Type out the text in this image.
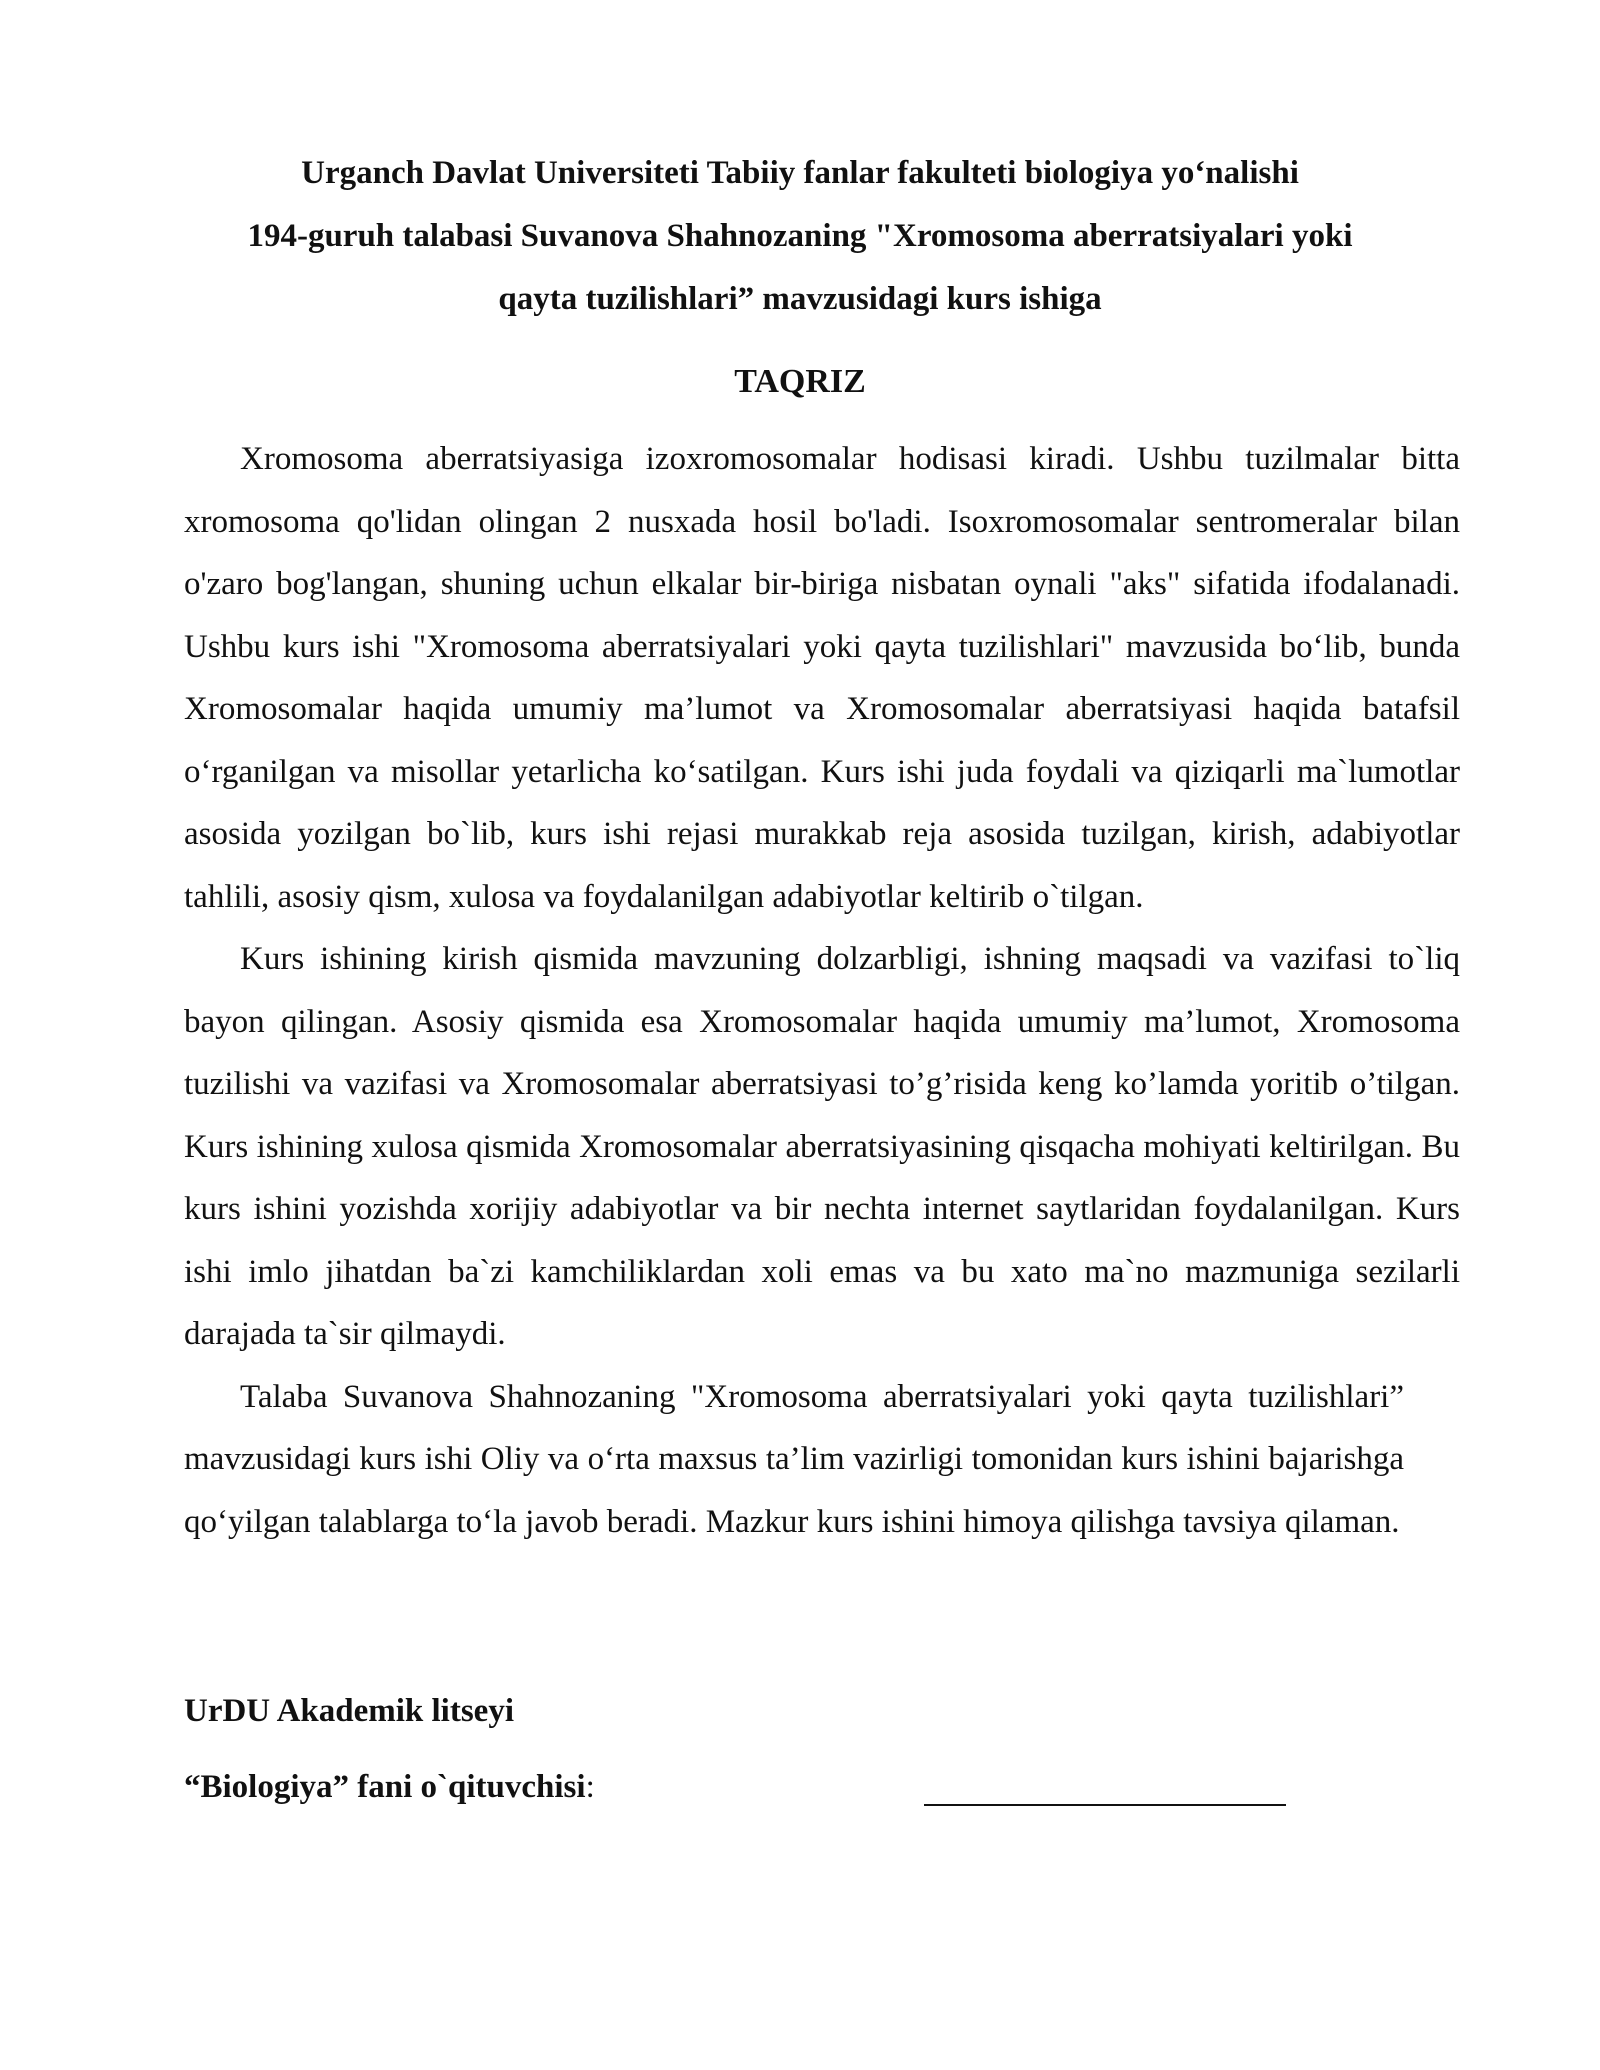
Urganch Davlat Universiteti Tabiiy fanlar fakulteti biologiya yo‘nalishi
194-guruh talabasi Suvanova Shahnozaning "Xromosoma aberratsiyalari yoki
qayta tuzilishlari” mavzusidagi kurs ishiga
TAQRIZ

Xromosoma aberratsiyasiga izoxromosomalar hodisasi kiradi. Ushbu tuzilmalar bitta xromosoma qo'lidan olingan 2 nusxada hosil bo'ladi. Isoxromosomalar sentromeralar bilan o'zaro bog'langan, shuning uchun elkalar bir-biriga nisbatan oynali "aks" sifatida ifodalanadi. Ushbu kurs ishi "Xromosoma aberratsiyalari yoki qayta tuzilishlari" mavzusida bo‘lib, bunda Xromosomalar haqida umumiy ma’lumot va Xromosomalar aberratsiyasi haqida batafsil o‘rganilgan va misollar yetarlicha ko‘satilgan. Kurs ishi juda foydali va qiziqarli ma`lumotlar asosida yozilgan bo`lib, kurs ishi rejasi murakkab reja asosida tuzilgan, kirish, adabiyotlar tahlili, asosiy qism, xulosa va foydalanilgan adabiyotlar keltirib o`tilgan.

Kurs ishining kirish qismida mavzuning dolzarbligi, ishning maqsadi va vazifasi to`liq bayon qilingan. Asosiy qismida esa Xromosomalar haqida umumiy ma’lumot, Xromosoma tuzilishi va vazifasi va Xromosomalar aberratsiyasi to’g’risida keng ko’lamda yoritib o’tilgan. Kurs ishining xulosa qismida Xromosomalar aberratsiyasining qisqacha mohiyati keltirilgan. Bu kurs ishini yozishda xorijiy adabiyotlar va bir nechta internet saytlaridan foydalanilgan. Kurs ishi imlo jihatdan ba`zi kamchiliklardan xoli emas va bu xato ma`no mazmuniga sezilarli darajada ta`sir qilmaydi.

Talaba Suvanova Shahnozaning "Xromosoma aberratsiyalari yoki qayta tuzilishlari” mavzusidagi kurs ishi Oliy va o‘rta maxsus ta’lim vazirligi tomonidan kurs ishini bajarishga qo‘yilgan talablarga to‘la javob beradi. Mazkur kurs ishini himoya qilishga tavsiya qilaman.

UrDU Akademik litseyi
“Biologiya” fani o`qituvchisi:
